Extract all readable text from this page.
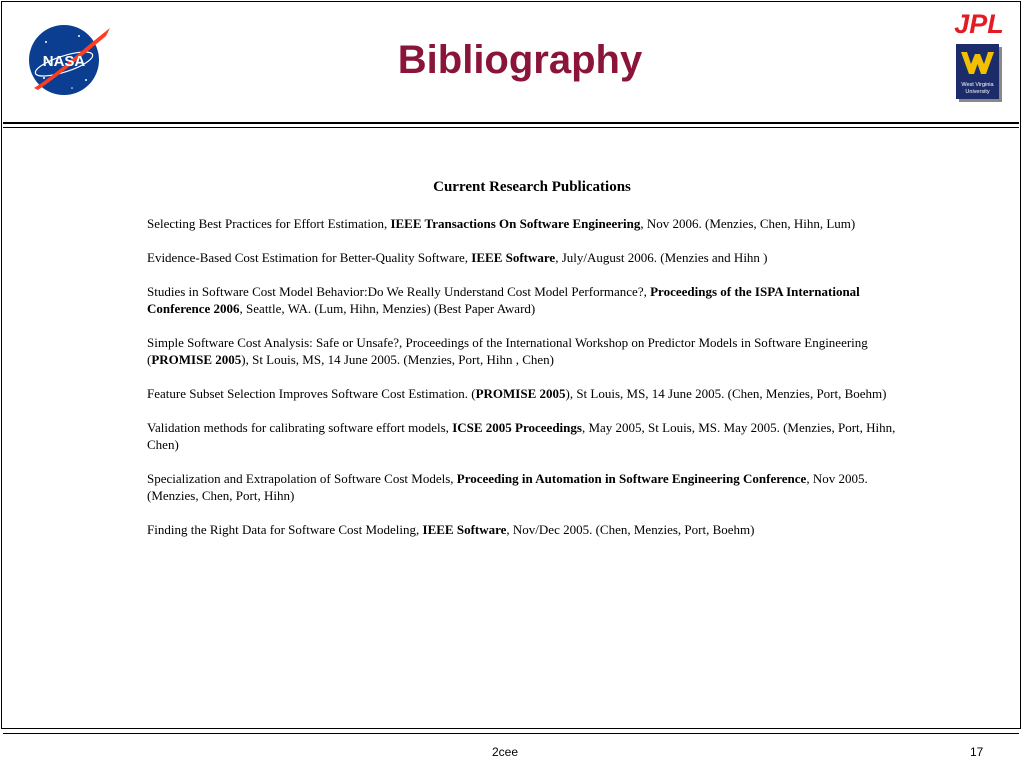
NASA	Bibliography
JPL
West Virginia
University

Current Research Publications

Selecting Best Practices for Effort Estimation, IEEE Transactions On Software Engineering, Nov 2006. (Menzies, Chen, Hihn, Lum)

Evidence-Based Cost Estimation for Better-Quality Software, IEEE Software, July/August 2006. (Menzies and Hihn )

Studies in Software Cost Model Behavior:Do We Really Understand Cost Model Performance?, Proceedings of the ISPA International Conference 2006, Seattle, WA. (Lum, Hihn, Menzies) (Best Paper Award)

Simple Software Cost Analysis: Safe or Unsafe?, Proceedings of the International Workshop on Predictor Models in Software Engineering (PROMISE 2005), St Louis, MS, 14 June 2005. (Menzies, Port, Hihn , Chen)

Feature Subset Selection Improves Software Cost Estimation. (PROMISE 2005), St Louis, MS, 14 June 2005. (Chen, Menzies, Port, Boehm)

Validation methods for calibrating software effort models, ICSE 2005 Proceedings, May 2005, St Louis, MS. May 2005. (Menzies, Port, Hihn, Chen)

Specialization and Extrapolation of Software Cost Models, Proceeding in Automation in Software Engineering Conference, Nov 2005. (Menzies, Chen, Port, Hihn)

Finding the Right Data for Software Cost Modeling, IEEE Software, Nov/Dec 2005. (Chen, Menzies, Port, Boehm)

2cee	17
